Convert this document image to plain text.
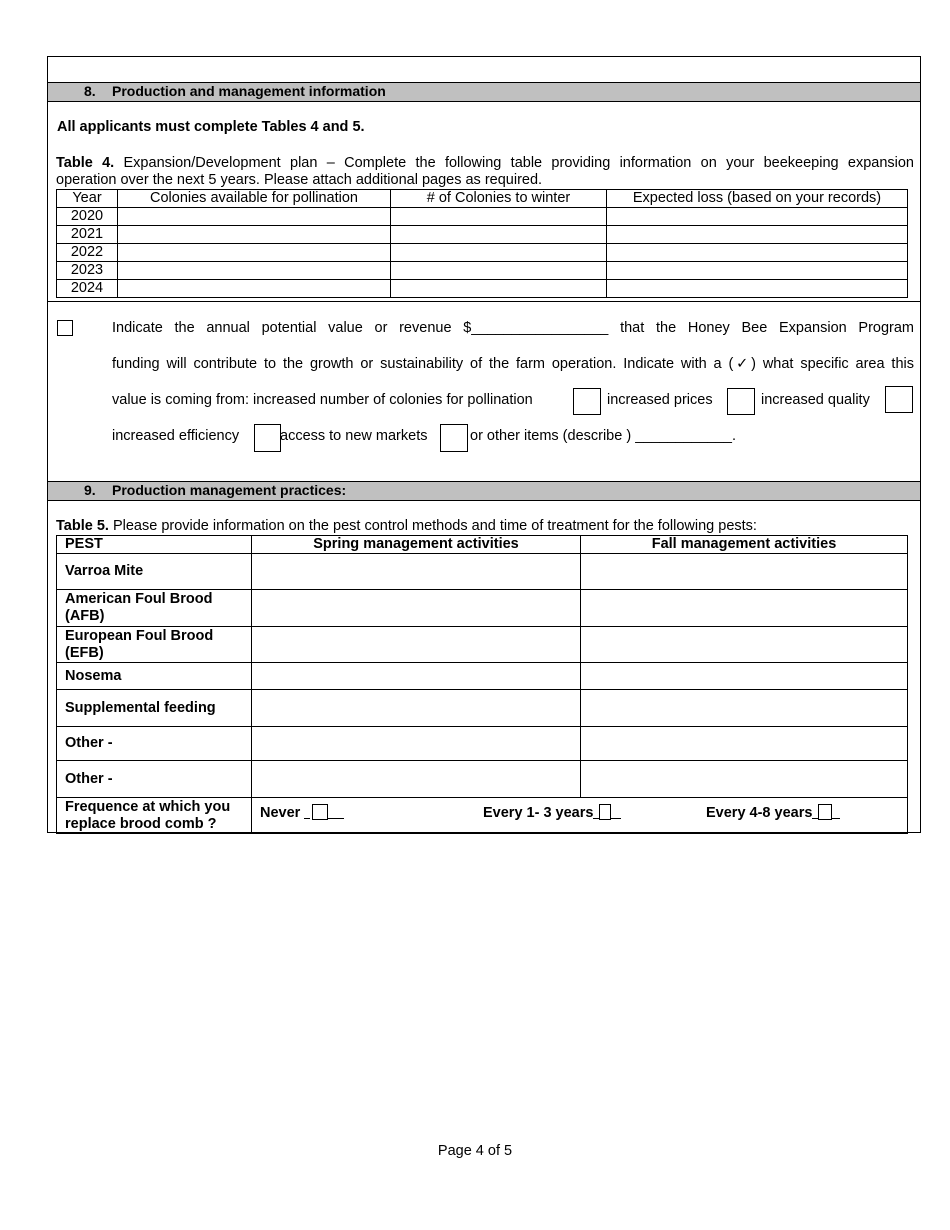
8. Production and management information
All applicants must complete Tables 4 and 5.
Table 4. Expansion/Development plan – Complete the following table providing information on your beekeeping expansion
operation over the next 5 years. Please attach additional pages as required.
Year	Colonies available for pollination	# of Colonies to winter	Expected loss (based on your records)
2020			
2021			
2022			
2023			
2024			
Indicate the annual potential value or revenue $_________________ that the Honey Bee Expansion Program
funding will contribute to the growth or sustainability of the farm operation. Indicate with a (✓) what specific area this
value is coming from: increased number of colonies for pollination	increased prices	increased quality
increased efficiency	access to new markets	or other items (describe ) ____________.
9. Production management practices:
Table 5. Please provide information on the pest control methods and time of treatment for the following pests:
PEST	Spring management activities	Fall management activities
Varroa Mite		
American Foul Brood (AFB)		
European Foul Brood (EFB)		
Nosema		
Supplemental feeding		
Other -		
Other -		
Frequence at which you replace brood comb ?	Never Every 1- 3 years Every 4-8 years	
Page 4 of 5
